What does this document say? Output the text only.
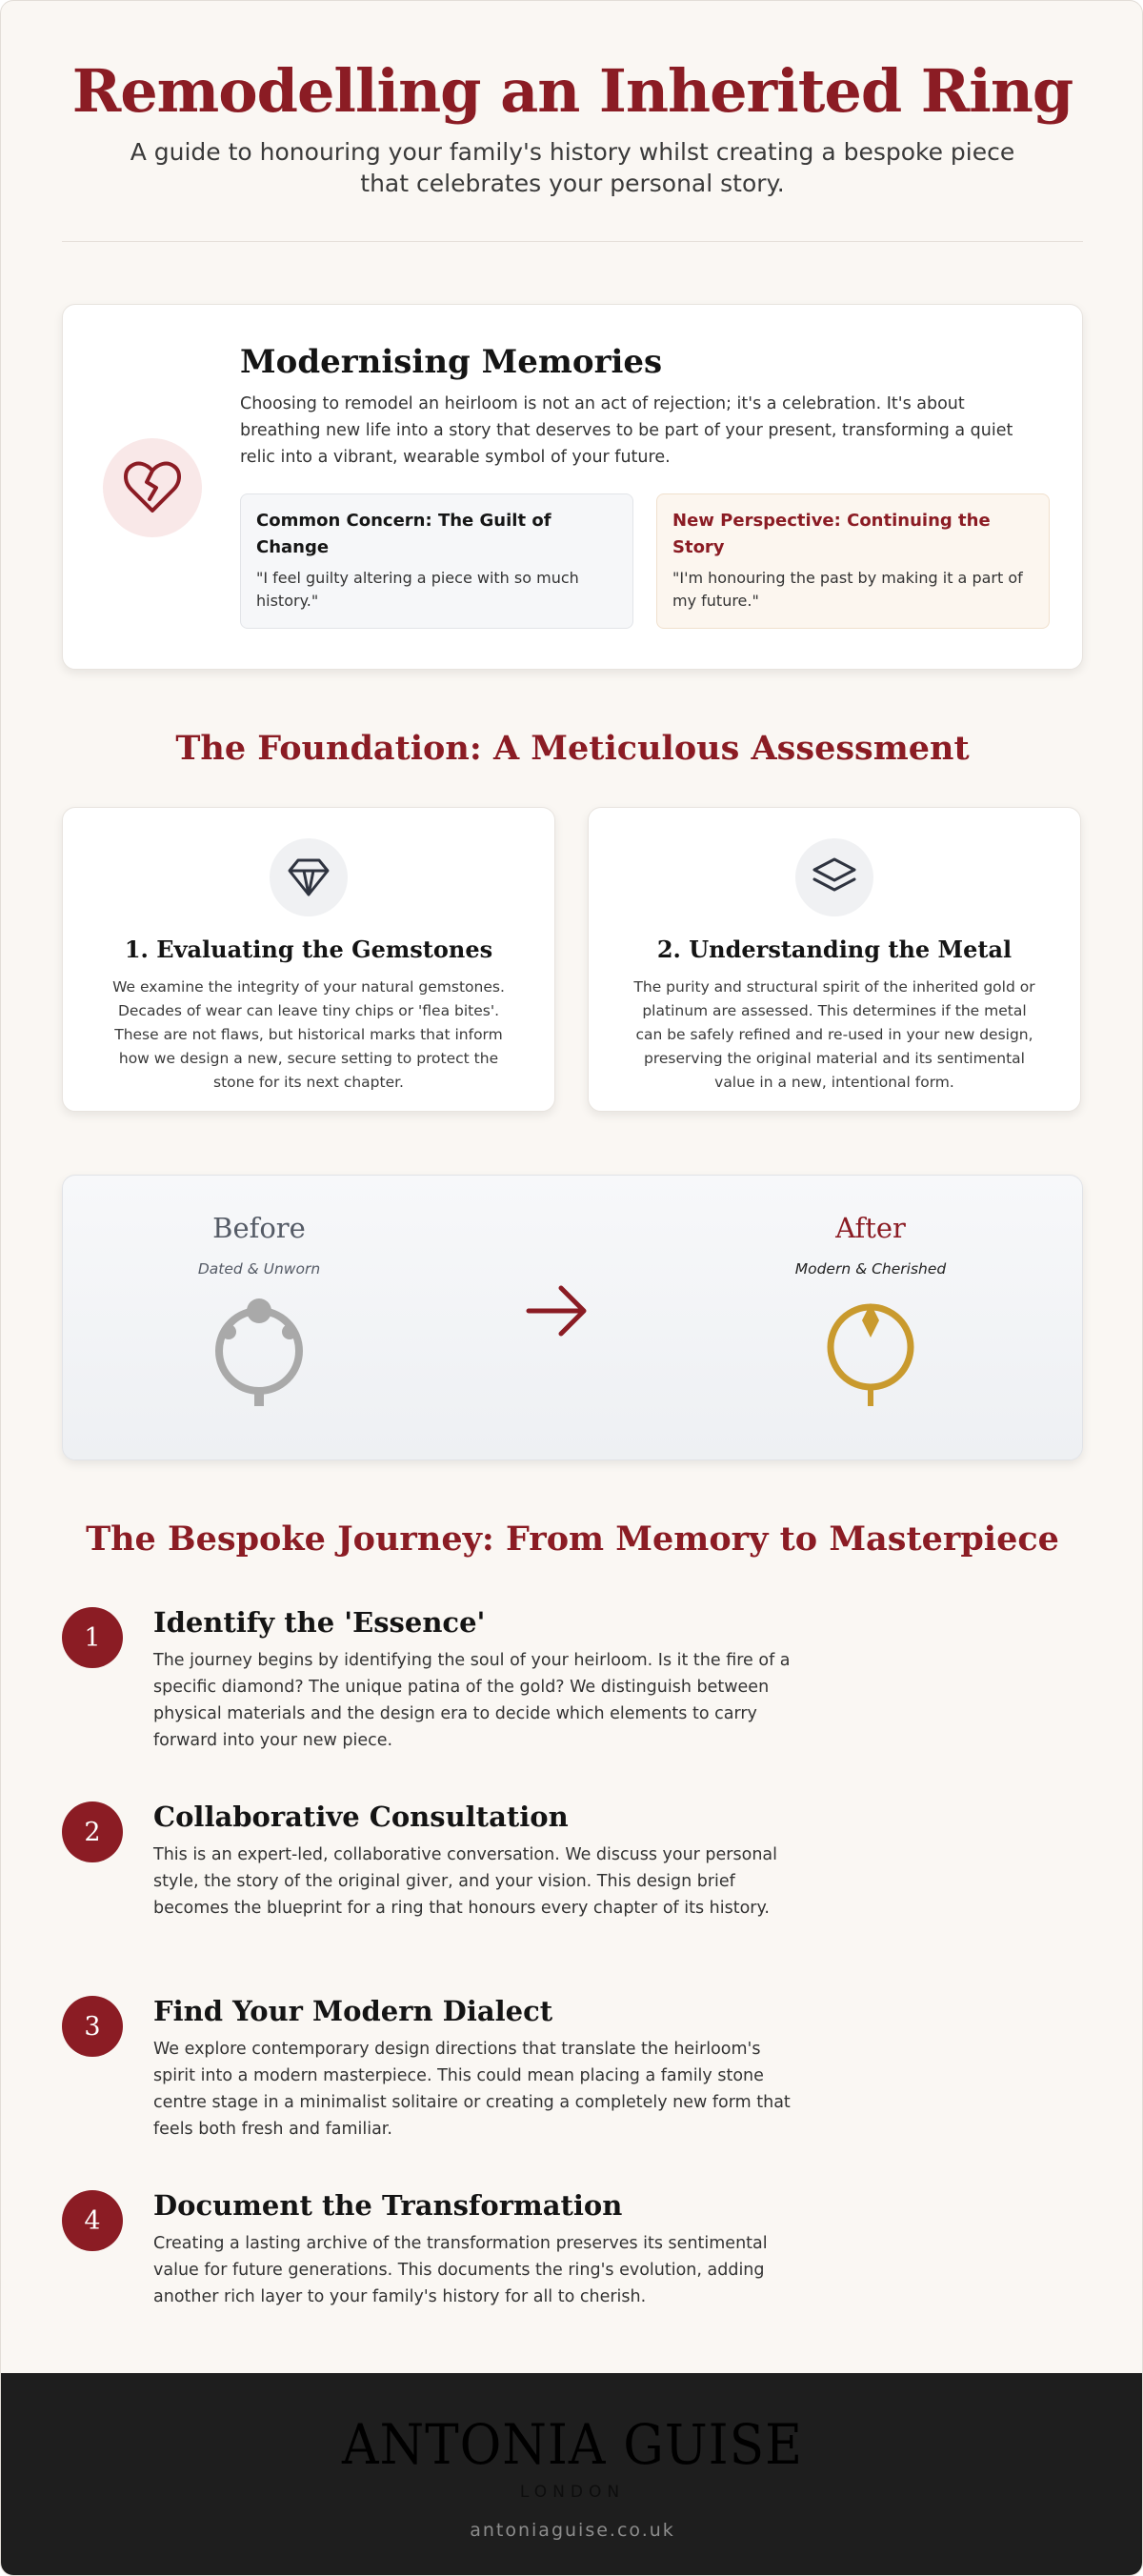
Remodelling an Inherited Ring

A guide to honouring your family's history whilst creating a bespoke piece that celebrates your personal story.

Modernising Memories

Choosing to remodel an heirloom is not an act of rejection; it's a celebration. It's about breathing new life into a story that deserves to be part of your present, transforming a quiet relic into a vibrant, wearable symbol of your future.

Common Concern: The Guilt of Change
"I feel guilty altering a piece with so much history."
New Perspective: Continuing the Story
"I'm honouring the past by making it a part of my future."
The Foundation: A Meticulous Assessment
1. Evaluating the Gemstones

We examine the integrity of your natural gemstones. Decades of wear can leave tiny chips or 'flea bites'. These are not flaws, but historical marks that inform how we design a new, secure setting to protect the stone for its next chapter.

2. Understanding the Metal

The purity and structural spirit of the inherited gold or platinum are assessed. This determines if the metal can be safely refined and re-used in your new design, preserving the original material and its sentimental value in a new, intentional form.

Before
Dated & Unworn
After
Modern & Cherished
The Bespoke Journey: From Memory to Masterpiece
1	Identify the 'Essence'

The journey begins by identifying the soul of your heirloom. Is it the fire of a specific diamond? The unique patina of the gold? We distinguish between physical materials and the design era to decide which elements to carry forward into your new piece.

2	Collaborative Consultation

This is an expert-led, collaborative conversation. We discuss your personal style, the story of the original giver, and your vision. This design brief becomes the blueprint for a ring that honours every chapter of its history.

3	Find Your Modern Dialect

We explore contemporary design directions that translate the heirloom's spirit into a modern masterpiece. This could mean placing a family stone centre stage in a minimalist solitaire or creating a completely new form that feels both fresh and familiar.

4	Document the Transformation

Creating a lasting archive of the transformation preserves its sentimental value for future generations. This documents the ring's evolution, adding another rich layer to your family's history for all to cherish.

ANTONIA GUISE
LONDON
antoniaguise.co.uk
